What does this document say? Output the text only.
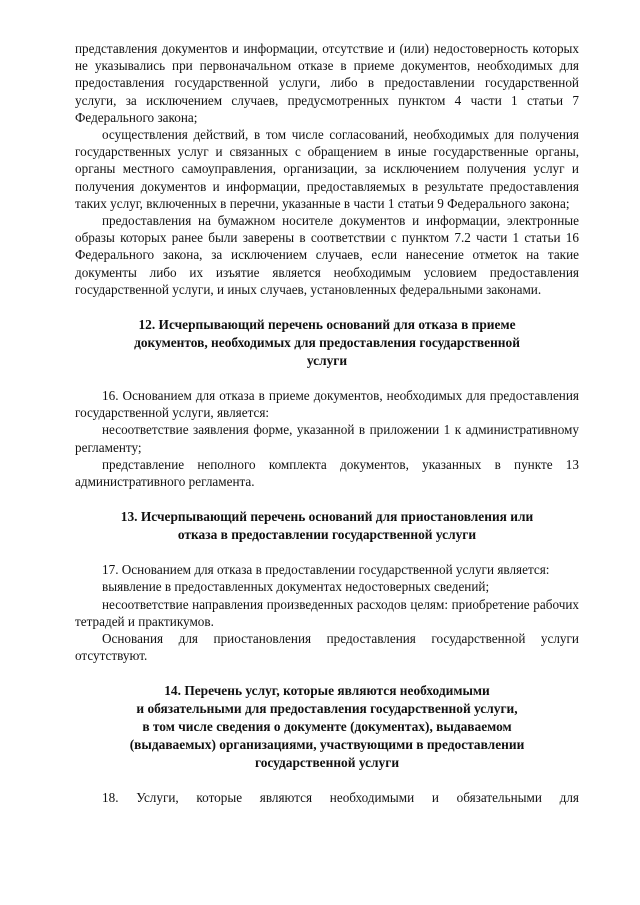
представления документов и информации, отсутствие и (или) недостоверность которых не указывались при первоначальном отказе в приеме документов, необходимых для предоставления государственной услуги, либо в предоставлении государственной услуги, за исключением случаев, предусмотренных пунктом 4 части 1 статьи 7 Федерального закона;

осуществления действий, в том числе согласований, необходимых для получения государственных услуг и связанных с обращением в иные государственные органы, органы местного самоуправления, организации, за исключением получения услуг и получения документов и информации, предоставляемых в результате предоставления таких услуг, включенных в перечни, указанные в части 1 статьи 9 Федерального закона;

предоставления на бумажном носителе документов и информации, электронные образы которых ранее были заверены в соответствии с пунктом 7.2 части 1 статьи 16 Федерального закона, за исключением случаев, если нанесение отметок на такие документы либо их изъятие является необходимым условием предоставления государственной услуги, и иных случаев, установленных федеральными законами.

12. Исчерпывающий перечень оснований для отказа в приеме
документов, необходимых для предоставления государственной
услуги

16. Основанием для отказа в приеме документов, необходимых для предоставления государственной услуги, является:

несоответствие заявления форме, указанной в приложении 1 к административному регламенту;

представление неполного комплекта документов, указанных в пункте 13 административного регламента.

13. Исчерпывающий перечень оснований для приостановления или
отказа в предоставлении государственной услуги

17. Основанием для отказа в предоставлении государственной услуги является:

выявление в предоставленных документах недостоверных сведений;

несоответствие направления произведенных расходов целям: приобретение рабочих тетрадей и практикумов.

Основания для приостановления предоставления государственной услуги отсутствуют.

14. Перечень услуг, которые являются необходимыми
и обязательными для предоставления государственной услуги,
в том числе сведения о документе (документах), выдаваемом
(выдаваемых) организациями, участвующими в предоставлении
государственной услуги

18. Услуги, которые являются необходимыми и обязательными для
